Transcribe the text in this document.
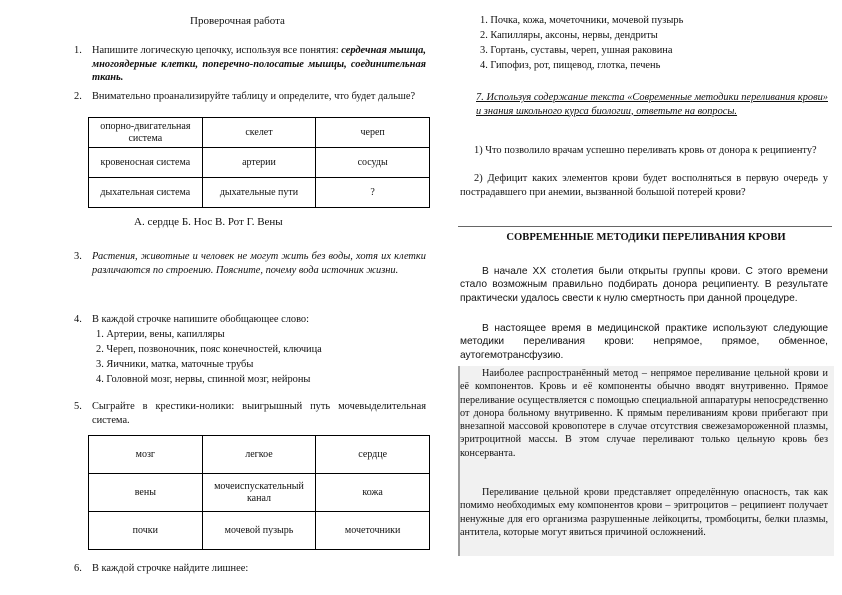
Проверочная работа
1. Напишите логическую цепочку, используя все понятия: сердечная мышца, многоядерные клетки, поперечно-полосатые мышцы, соединительная ткань.
2. Внимательно проанализируйте таблицу и определите, что будет дальше?
опорно-двигательная система	скелет	череп
кровеносная система	артерии	сосуды
дыхательная система	дыхательные пути	?
А. сердце Б. Нос В. Рот Г. Вены
3. Растения, животные и человек не могут жить без воды, хотя их клетки различаются по строению. Поясните, почему вода источник жизни.
4. В каждой строчке напишите обобщающее слово:
1. Артерии, вены, капилляры
2. Череп, позвоночник, пояс конечностей, ключица
3. Яичники, матка, маточные трубы
4. Головной мозг, нервы, спинной мозг, нейроны
5. Сыграйте в крестики-нолики: выигрышный путь мочевыделительная система.
мозг	легкое	сердце
вены	мочеиспускательный канал	кожа
почки	мочевой пузырь	мочеточники
6. В каждой строчке найдите лишнее:
1. Почка, кожа, мочеточники, мочевой пузырь
2. Капилляры, аксоны, нервы, дендриты
3. Гортань, суставы, череп, ушная раковина
4. Гипофиз, рот, пищевод, глотка, печень
7. Используя содержание текста «Современные методики переливания крови» и знания школьного курса биологии, ответьте на вопросы.
1) Что позволило врачам успешно переливать кровь от донора к реципиенту?
2) Дефицит каких элементов крови будет восполняться в первую очередь у пострадавшего при анемии, вызванной большой потерей крови?
СОВРЕМЕННЫЕ МЕТОДИКИ ПЕРЕЛИВАНИЯ КРОВИ
В начале XX столетия были открыты группы крови. С этого времени стало возможным правильно подбирать донора реципиенту. В результате практически удалось свести к нулю смертность при данной процедуре.
В настоящее время в медицинской практике используют следующие методики переливания крови: непрямое, прямое, обменное, аутогемотрансфузию.
Наиболее распространённый метод – непрямое переливание цельной крови и её компонентов. Кровь и её компоненты обычно вводят внутривенно. Прямое переливание осуществляется с помощью специальной аппаратуры непосредственно от донора больному внутривенно. К прямым переливаниям крови прибегают при внезапной массовой кровопотере в случае отсутствия свежезамороженной плазмы, эритроцитной массы. В этом случае переливают только цельную кровь без консервантa.
Переливание цельной крови представляет определённую опасность, так как помимо необходимых ему компонентов крови – эритроцитов – реципиент получает ненужные для его организма разрушенные лейкоциты, тромбоциты, белки плазмы, антитела, которые могут явиться причиной осложнений.
